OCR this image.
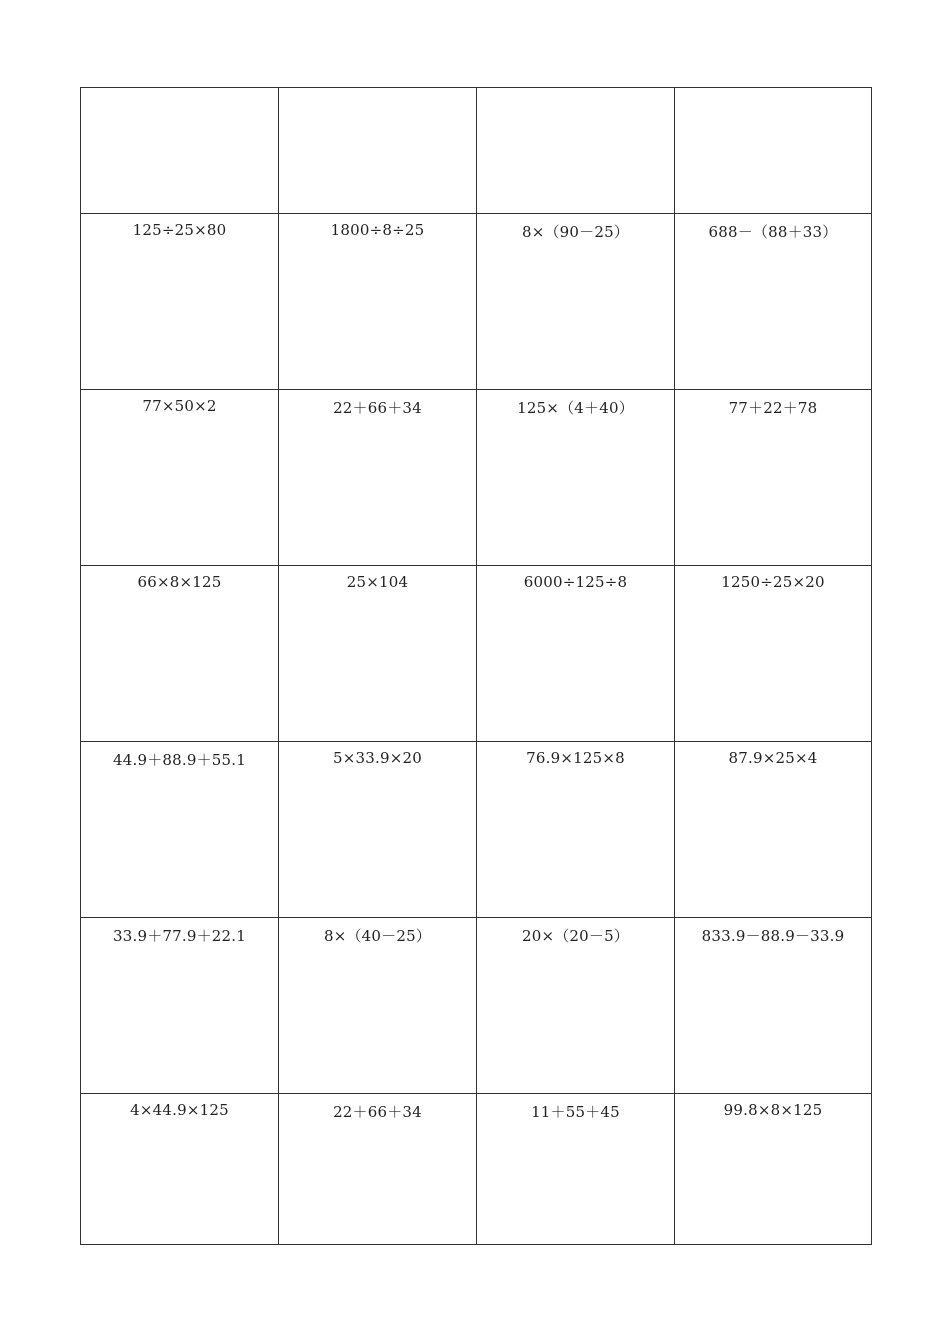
125÷25×80	1800÷8÷25	8×（90－25）	688－（88＋33）
77×50×2	22＋66＋34	125×（4＋40）	77＋22＋78
66×8×125	25×104	6000÷125÷8	1250÷25×20
44.9＋88.9＋55.1	5×33.9×20	76.9×125×8	87.9×25×4
33.9＋77.9＋22.1	8×（40－25）	20×（20－5）	833.9－88.9－33.9
4×44.9×125	22＋66＋34	11＋55＋45	99.8×8×125
